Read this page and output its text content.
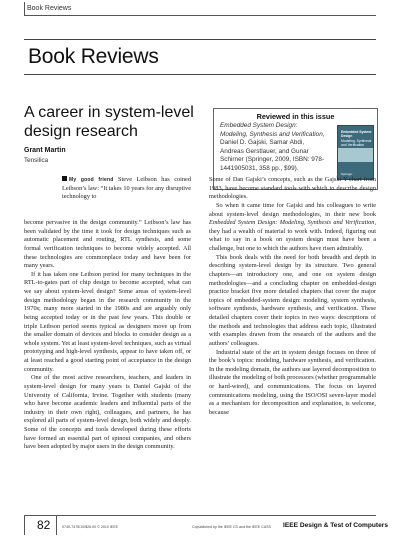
Book Reviews
Book Reviews
A career in system-level design research
Grant Martin
Tensilica
Reviewed in this issue
Embedded System Design: Modeling, Synthesis and Verification, Daniel D. Gajski, Samar Abdi, Andreas Gerstlauer, and Gunar Schirner (Springer, 2009, ISBN: 978-1441905031, 358 pp., $99).
Embedded System
Design
Modeling, Synthesis and Verification
Springer
My good friend Steve Leibson has coined Leibson’s law: “It takes 10 years for any disruptive technology to

become pervasive in the design community.” Leibson’s law has been validated by the time it took for design techniques such as automatic placement and routing, RTL synthesis, and some formal verification techniques to become widely accepted. All these technologies are commonplace today and have been for many years.

If it has taken one Leibson period for many techniques in the RTL-to-gates part of chip design to become accepted, what can we say about system-level design? Some areas of system-level design methodology began in the research community in the 1970s; many more started in the 1980s and are arguably only being accepted today or in the past few years. This double or triple Leibson period seems typical as designers move up from the smaller domain of devices and blocks to consider design as a whole system. Yet at least system-level techniques, such as virtual prototyping and high-level synthesis, appear to have taken off, or at least reached a good starting point of acceptance in the design community.

One of the most active researchers, teachers, and leaders in system-level design for many years is Daniel Gajski of the University of California, Irvine. Together with students (many who have become academic leaders and influential parts of the industry in their own right), colleagues, and partners, he has explored all parts of system-level design, both widely and deeply. Some of the concepts and tools developed during these efforts have formed an essential part of spinout companies, and others have been adopted by major users in the design community.

Some of Dan Gajski’s concepts, such as the Gajski Y-chart from 1983, have become standard tools with which to describe design methodologies.

So when it came time for Gajski and his colleagues to write about system-level design methodologies, in their new book Embedded System Design: Modeling, Synthesis and Verification, they had a wealth of material to work with. Indeed, figuring out what to say in a book on system design must have been a challenge, but one to which the authors have risen admirably.

This book deals with the need for both breadth and depth in describing system-level design by its structure. Two general chapters—an introductory one, and one on system design methodologies—and a concluding chapter on embedded-design practice bracket five more detailed chapters that cover the major topics of embedded-system design: modeling, system synthesis, software synthesis, hardware synthesis, and verification. These detailed chapters cover their topics in two ways: descriptions of the methods and technologies that address each topic, illustrated with examples drawn from the research of the authors and the authors’ colleagues.

Industrial state of the art in system design focuses on three of the book’s topics: modeling, hardware synthesis, and verification. In the modeling domain, the authors use layered decomposition to illustrate the modeling of both processors (whether programmable or hard-wired), and communications. The focus on layered communications modeling, using the ISO/OSI seven-layer model as a mechanism for decomposition and explanation, is welcome, because

82	0740-7475/10/$26.00 © 2010 IEEE	Copublished by the IEEE CS and the IEEE CASS IEEE Design & Test of Computers
